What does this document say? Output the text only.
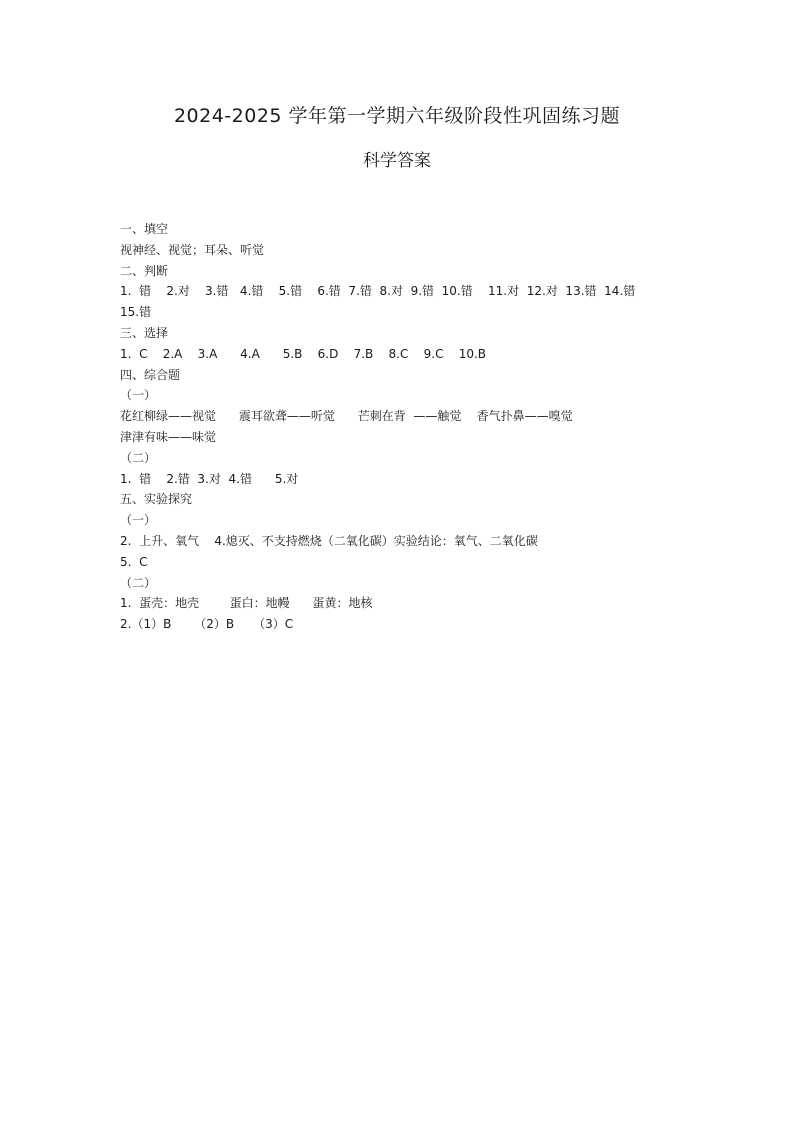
2024-2025 学年第一学期六年级阶段性巩固练习题
科学答案
一、填空
视神经、视觉；耳朵、听觉
二、判断
1.  错    2.对    3.错   4.错    5.错    6.错  7.错  8.对  9.错  10.错    11.对  12.对  13.错  14.错
15.错
三、选择
1.  C    2.A    3.A      4.A      5.B    6.D    7.B    8.C    9.C    10.B
四、综合题
（一）
花红柳绿——视觉      震耳欲聋——听觉      芒刺在背  ——触觉    香气扑鼻——嗅觉
津津有味——味觉
（二）
1.  错    2.错  3.对  4.错      5.对
五、实验探究
（一）
2.  上升、氧气    4.熄灭、不支持燃烧（二氧化碳）实验结论：氧气、二氧化碳
5.  C
（二）
1.  蛋壳：地壳        蛋白：地幔      蛋黄：地核
2.（1）B      （2）B     （3）C
